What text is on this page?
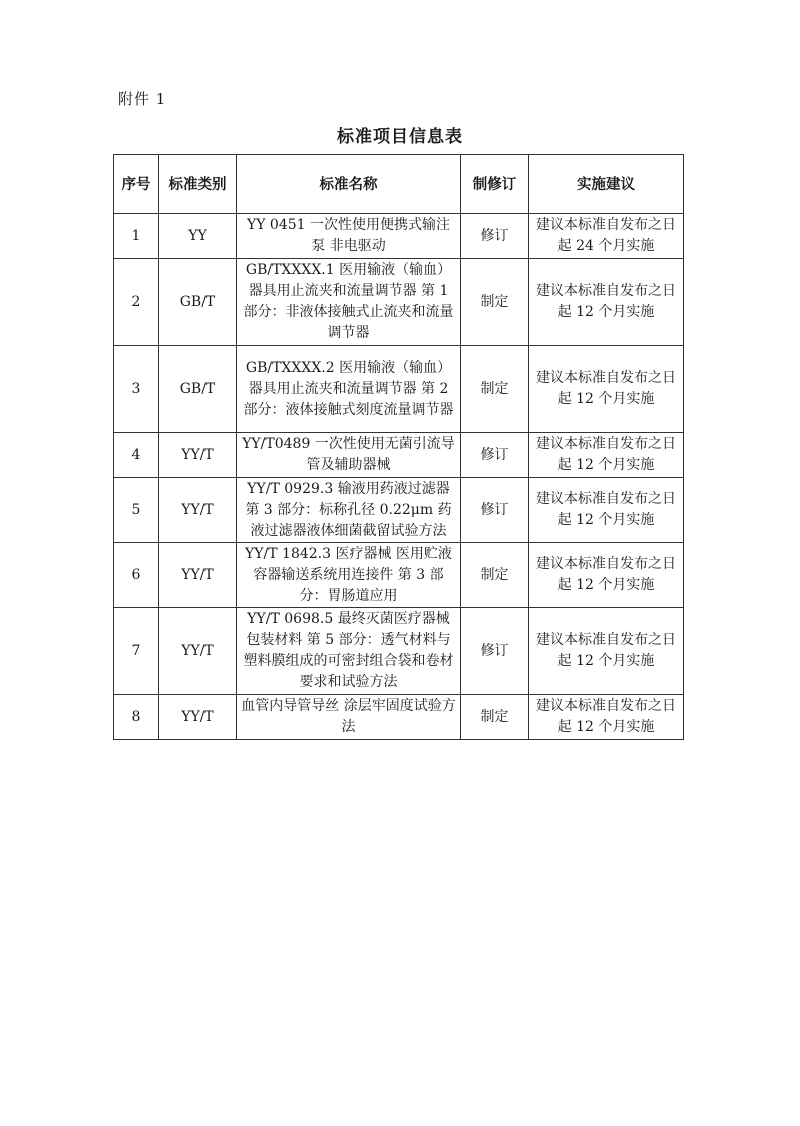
附件 1
标准项目信息表
序号	标准类别	标准名称	制修订	实施建议
1	YY	YY 0451 一次性使用便携式输注泵 非电驱动	修订	建议本标准自发布之日起 24 个月实施
2	GB/T	GB/TXXXX.1 医用输液（输血）器具用止流夹和流量调节器 第 1 部分：非液体接触式止流夹和流量调节器	制定	建议本标准自发布之日起 12 个月实施
3	GB/T	GB/TXXXX.2 医用输液（输血）器具用止流夹和流量调节器 第 2 部分：液体接触式刻度流量调节器	制定	建议本标准自发布之日起 12 个月实施
4	YY/T	YY/T0489 一次性使用无菌引流导管及辅助器械	修订	建议本标准自发布之日起 12 个月实施
5	YY/T	YY/T 0929.3 输液用药液过滤器 第 3 部分：标称孔径 0.22μm 药液过滤器液体细菌截留试验方法	修订	建议本标准自发布之日起 12 个月实施
6	YY/T	YY/T 1842.3 医疗器械 医用贮液容器输送系统用连接件 第 3 部分：胃肠道应用	制定	建议本标准自发布之日起 12 个月实施
7	YY/T	YY/T 0698.5 最终灭菌医疗器械包装材料 第 5 部分：透气材料与塑料膜组成的可密封组合袋和卷材 要求和试验方法	修订	建议本标准自发布之日起 12 个月实施
8	YY/T	血管内导管导丝 涂层牢固度试验方法	制定	建议本标准自发布之日起 12 个月实施
